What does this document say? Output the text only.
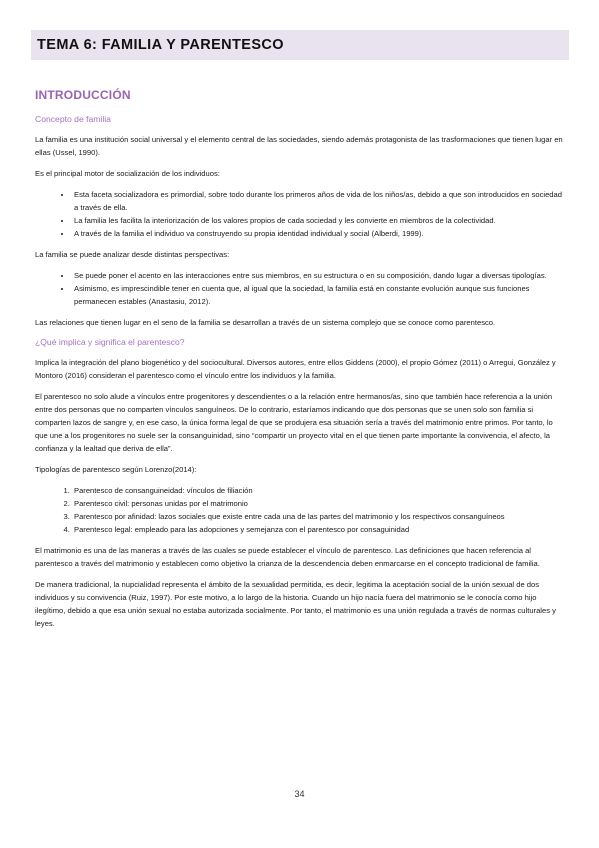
TEMA 6: FAMILIA Y PARENTESCO
INTRODUCCIÓN
Concepto de familia

La familia es una institución social universal y el elemento central de las sociedades, siendo además protagonista de las trasformaciones que tienen lugar en ellas (Ussel, 1990).

Es el principal motor de socialización de los individuos:

• Esta faceta socializadora es primordial, sobre todo durante los primeros años de vida de los niños/as, debido a que son introducidos en sociedad a través de ella.
• La familia les facilita la interiorización de los valores propios de cada sociedad y les convierte en miembros de la colectividad.
• A través de la familia el individuo va construyendo su propia identidad individual y social (Alberdi, 1999).

La familia se puede analizar desde distintas perspectivas:

• Se puede poner el acento en las interacciones entre sus miembros, en su estructura o en su composición, dando lugar a diversas tipologías.
• Asimismo, es imprescindible tener en cuenta que, al igual que la sociedad, la familia está en constante evolución aunque sus funciones permanecen estables (Anastasiu, 2012).

Las relaciones que tienen lugar en el seno de la familia se desarrollan a través de un sistema complejo que se conoce como parentesco.

¿Qué implica y significa el parentesco?

Implica la integración del plano biogenético y del sociocultural. Diversos autores, entre ellos Giddens (2000), el propio Gómez (2011) o Arregui, González y Montoro (2016) consideran el parentesco como el vínculo entre los individuos y la familia.

El parentesco no solo alude a vínculos entre progenitores y descendientes o a la relación entre hermanos/as, sino que también hace referencia a la unión entre dos personas que no comparten vínculos sanguíneos. De lo contrario, estaríamos indicando que dos personas que se unen solo son familia si comparten lazos de sangre y, en ese caso, la única forma legal de que se produjera esa situación sería a través del matrimonio entre primos. Por tanto, lo que une a los progenitores no suele ser la consanguinidad, sino “compartir un proyecto vital en el que tienen parte importante la convivencia, el afecto, la confianza y la lealtad que deriva de ella”.

Tipologías de parentesco según Lorenzo(2014):

1. Parentesco de consanguineidad: vínculos de filiación
2. Parentesco civil: personas unidas por el matrimonio
3. Parentesco por afinidad: lazos sociales que existe entre cada una de las partes del matrimonio y los respectivos consanguíneos
4. Parentesco legal: empleado para las adopciones y semejanza con el parentesco por consaguinidad

El matrimonio es una de las maneras a través de las cuales se puede establecer el vínculo de parentesco. Las definiciones que hacen referencia al parentesco a través del matrimonio y establecen como objetivo la crianza de la descendencia deben enmarcarse en el concepto tradicional de familia.

De manera tradicional, la nupcialidad representa el ámbito de la sexualidad permitida, es decir, legitima la aceptación social de la unión sexual de dos individuos y su convivencia (Ruiz, 1997). Por este motivo, a lo largo de la historia. Cuando un hijo nacía fuera del matrimonio se le conocía como hijo ilegítimo, debido a que esa unión sexual no estaba autorizada socialmente. Por tanto, el matrimonio es una unión regulada a través de normas culturales y leyes.

34
